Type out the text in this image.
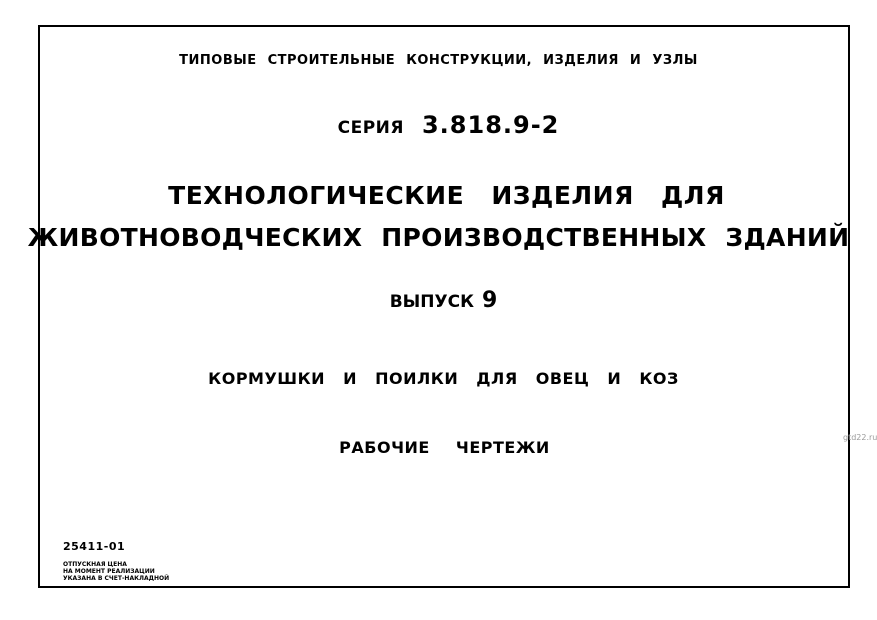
ТИПОВЫЕ СТРОИТЕЛЬНЫЕ КОНСТРУКЦИИ, ИЗДЕЛИЯ И УЗЛЫ
СЕРИЯ 3.818.9-2
ТЕХНОЛОГИЧЕСКИЕ ИЗДЕЛИЯ ДЛЯ
ЖИВОТНОВОДЧЕСКИХ ПРОИЗВОДСТВЕННЫХ ЗДАНИЙ
ВЫПУСК 9
КОРМУШКИ И ПОИЛКИ ДЛЯ ОВЕЦ И КОЗ
РАБОЧИЕ ЧЕРТЕЖИ
25411-01
ОТПУСКНАЯ ЦЕНА
НА МОМЕНТ РЕАЛИЗАЦИИ
УКАЗАНА В СЧЕТ-НАКЛАДНОЙ
gtd22.ru
